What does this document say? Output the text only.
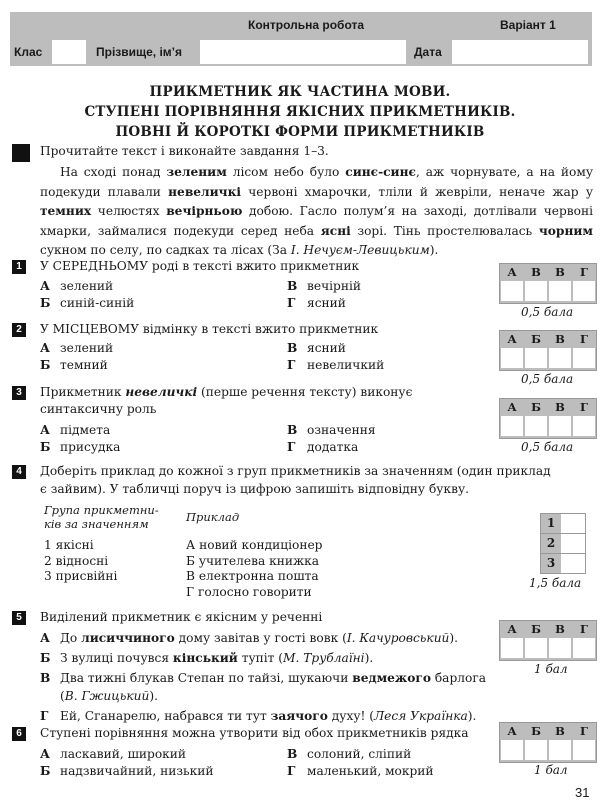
Контрольна робота	Варіант 1
Клас	Прізвище, ім’я	Дата
ПРИКМЕТНИК ЯК ЧАСТИНА МОВИ.
СТУПЕНІ ПОРІВНЯННЯ ЯКІСНИХ ПРИКМЕТНИКІВ.
ПОВНІ Й КОРОТКІ ФОРМИ ПРИКМЕТНИКІВ
Прочитайте текст і виконайте завдання 1–3.
На сході понад зеленим лісом небо було синє-синє, аж чорнувате, а на йому подекуди плавали невеличкі червоні хмарочки, тліли й жевріли, неначе жар у темних челюстях вечірньою добою. Гасло полум’я на заході, дотлівали червоні хмарки, займалися подекуди серед неба ясні зорі. Тінь простелювалась чорним сукном по селу, по садках та лісах (За І. Нечуєм-Левицьким).
1	У СЕРЕДНЬОМУ роді в тексті вжито прикметник
А зелений
Б синій-синій
В вечірній
Г ясний
А	В	В	Г
0,5 бала
2	У МІСЦЕВОМУ відмінку в тексті вжито прикметник
А зелений
Б темний
В ясний
Г невеличкий
А	Б	В	Г
0,5 бала
3	Прикметник невеличкі (перше речення тексту) виконує
синтаксичну роль
А підмета
Б присудка
В означення
Г додатка
А	Б	В	Г
0,5 бала
4	Доберіть приклад до кожної з груп прикметників за значенням (один приклад
є зайвим). У табличці поруч із цифрою запишіть відповідну букву.
Група прикметни-
ків за значенням	Приклад
1 якісні
2 відносні
3 присвійні
А новий кондиціонер
Б учителева книжка
В електронна пошта
Г голосно говорити
1
2
3
1,5 бала
5	Виділений прикметник є якісним у реченні
А До лисиччиного дому завітав у гості вовк (І. Качуровський).
Б З вулиці почувся кінський тупіт (М. Трублаїні).
В Два тижні блукав Степан по тайзі, шукаючи ведмежого барлога
(В. Гжицький).
Г Ей, Сганарелю, набрався ти тут заячого духу! (Леся Українка).
А	Б	В	Г
1 бал
6	Ступені порівняння можна утворити від обох прикметників рядка
А ласкавий, широкий
Б надзвичайний, низький
В солоний, сліпий
Г маленький, мокрий
А	Б	В	Г
1 бал
31
